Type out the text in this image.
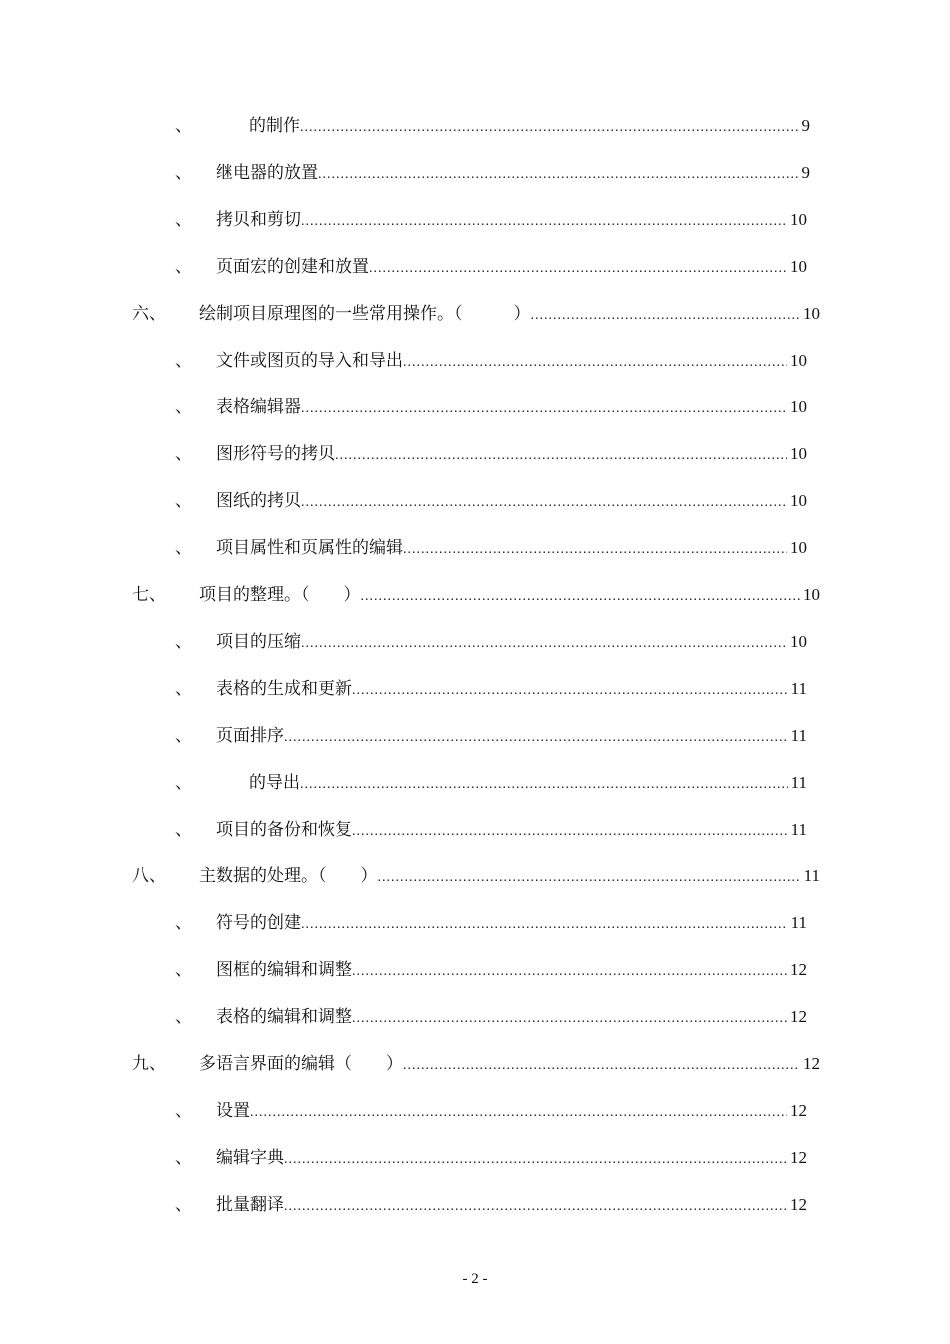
、	的制作 .....	9
、	继电器的放置 .....	9
、	拷贝和剪切 .....	10
、	页面宏的创建和放置 .....	10
六、	绘制项目原理图的一些常用操作。（　　　） .....	10
、	文件或图页的导入和导出 .....	10
、	表格编辑器 .....	10
、	图形符号的拷贝 .....	10
、	图纸的拷贝 .....	10
、	项目属性和页属性的编辑 .....	10
七、	项目的整理。（　　） .....	10
、	项目的压缩 .....	10
、	表格的生成和更新 .....	11
、	页面排序 .....	11
、	的导出 .....	11
、	项目的备份和恢复 .....	11
八、	主数据的处理。（　　） .....	11
、	符号的创建 .....	11
、	图框的编辑和调整 .....	12
、	表格的编辑和调整 .....	12
九、	多语言界面的编辑（　　） .....	12
、	设置 .....	12
、	编辑字典 .....	12
、	批量翻译 .....	12
- 2 -
